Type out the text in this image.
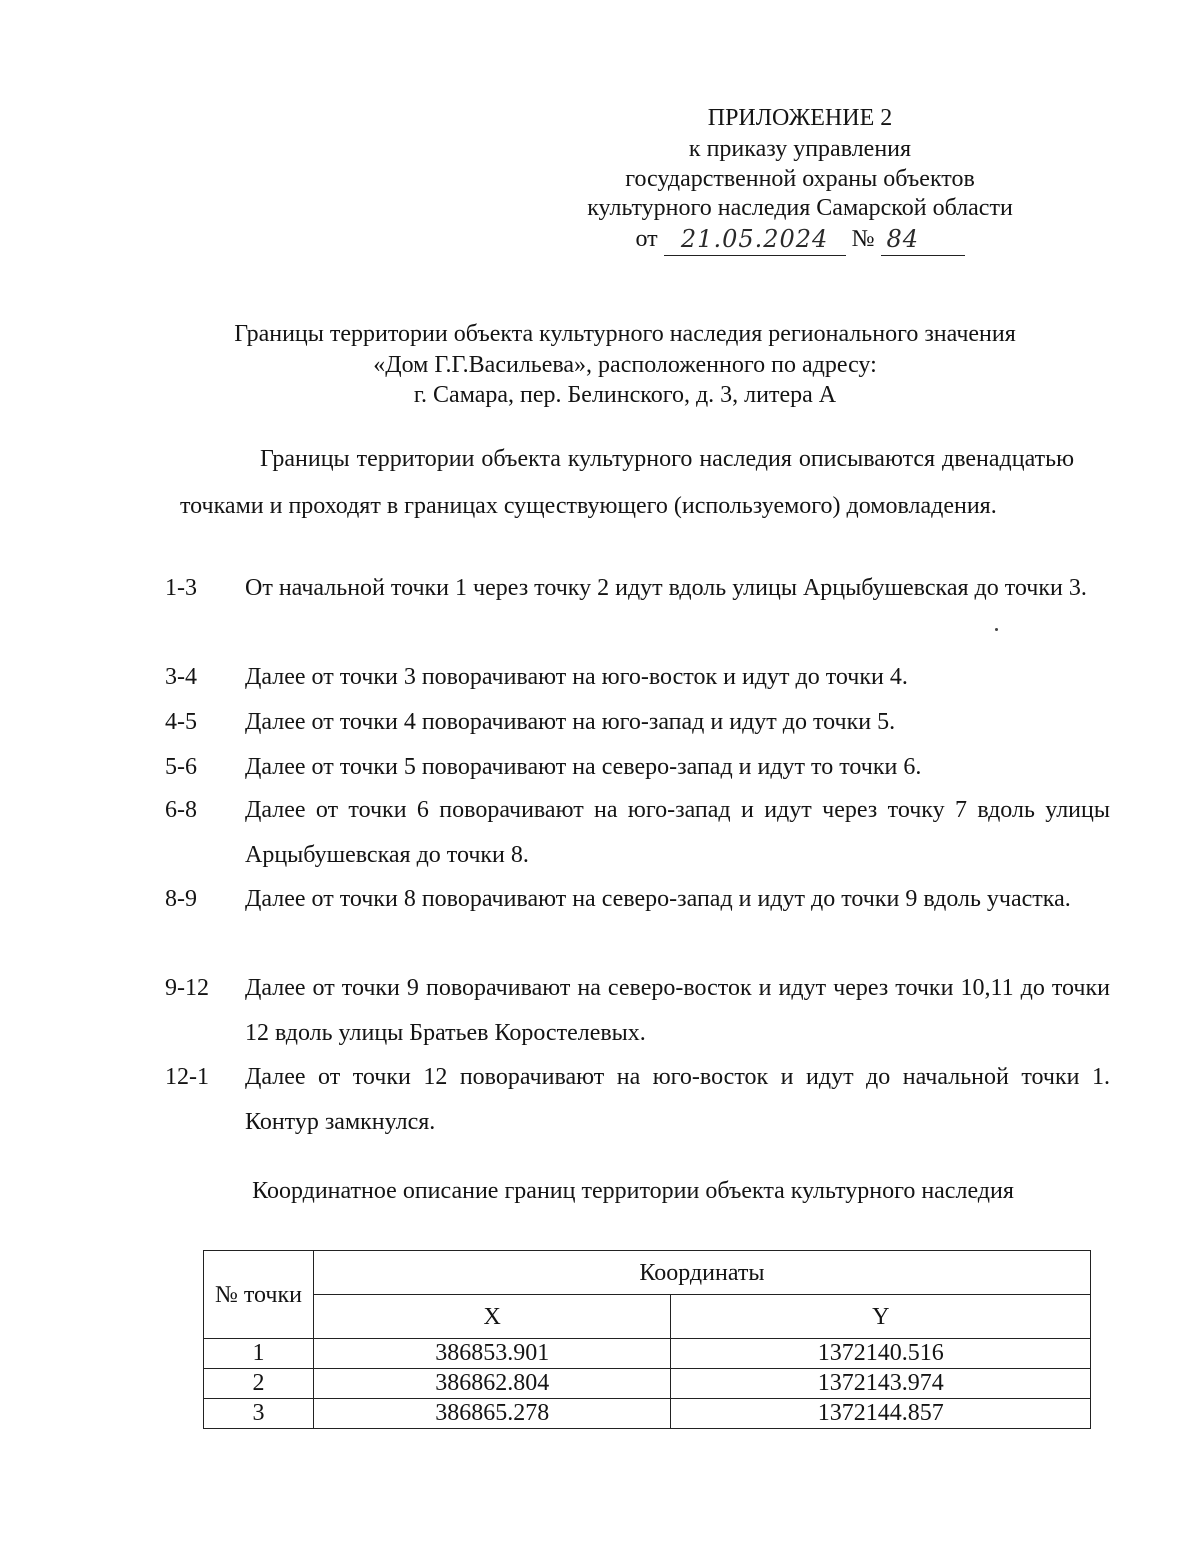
ПРИЛОЖЕНИЕ 2
к приказу управления
государственной охраны объектов
культурного наследия Самарской области
от 21.05.2024 № 84
Границы территории объекта культурного наследия регионального значения
«Дом Г.Г.Васильева», расположенного по адресу:
г. Самара, пер. Белинского, д. 3, литера А
Границы территории объекта культурного наследия описываются двенадцатью точками и проходят в границах существующего (используемого) домовладения.
1-3	От начальной точки 1 через точку 2 идут вдоль улицы Арцыбушевская до точки 3.
3-4	Далее от точки 3 поворачивают на юго-восток и идут до точки 4.
4-5	Далее от точки 4 поворачивают на юго-запад и идут до точки 5.
5-6	Далее от точки 5 поворачивают на северо-запад и идут то точки 6.
6-8	Далее от точки 6 поворачивают на юго-запад и идут через точку 7 вдоль улицы Арцыбушевская до точки 8.
8-9	Далее от точки 8 поворачивают на северо-запад и идут до точки 9 вдоль участка.
9-12	Далее от точки 9 поворачивают на северо-восток и идут через точки 10,11 до точки 12 вдоль улицы Братьев Коростелевых.
12-1	Далее от точки 12 поворачивают на юго-восток и идут до начальной точки 1. Контур замкнулся.
Координатное описание границ территории объекта культурного наследия
№ точки	Координаты	
	X	Y
1	386853.901	1372140.516
2	386862.804	1372143.974
3	386865.278	1372144.857
